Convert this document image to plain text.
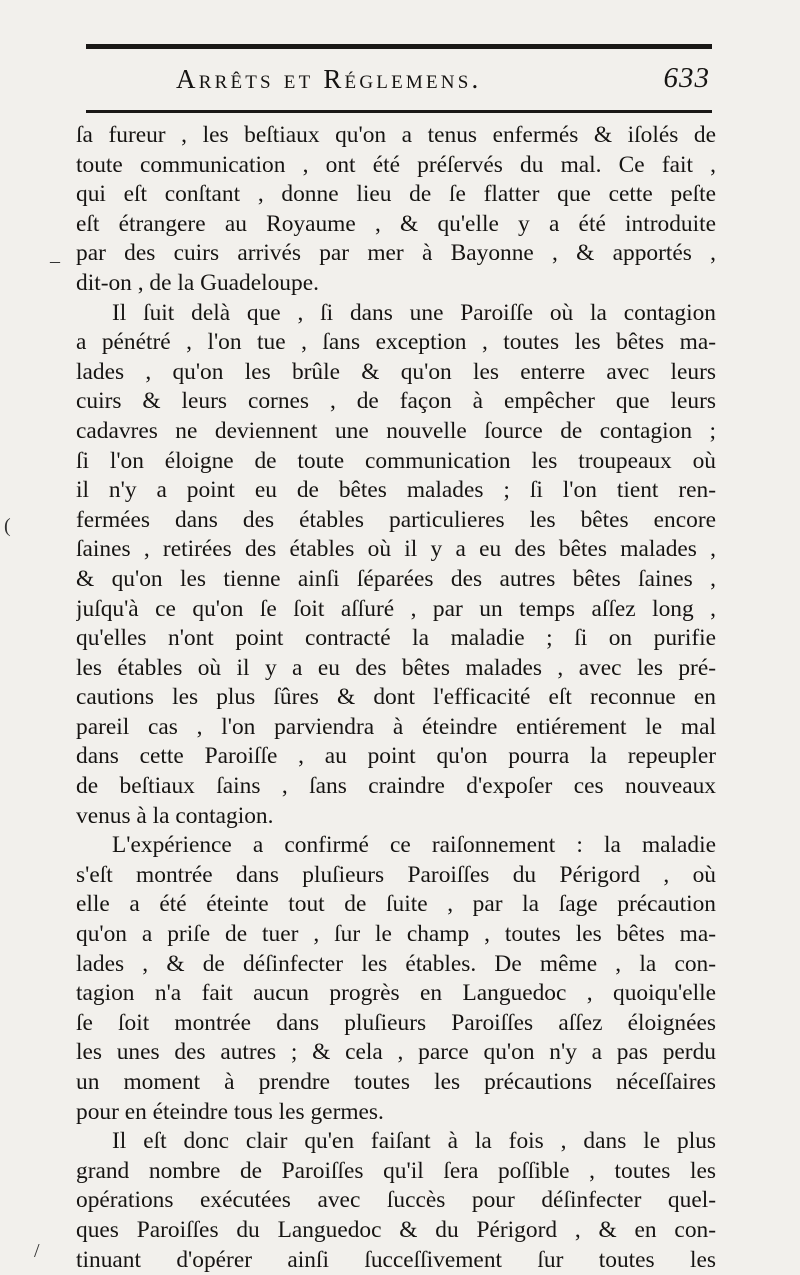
Arrêts et Réglemens.	633
–
(
/
ſa fureur , les beſtiaux qu'on a tenus enfermés & iſolés de
toute communication , ont été préſervés du mal. Ce fait ,
qui eſt conſtant , donne lieu de ſe flatter que cette peſte
eſt étrangere au Royaume , & qu'elle y a été introduite
par des cuirs arrivés par mer à Bayonne , & apportés ,
dit-on , de la Guadeloupe.
Il ſuit delà que , ſi dans une Paroiſſe où la contagion
a pénétré , l'on tue , ſans exception , toutes les bêtes ma-
lades , qu'on les brûle & qu'on les enterre avec leurs
cuirs & leurs cornes , de façon à empêcher que leurs
cadavres ne deviennent une nouvelle ſource de contagion ;
ſi l'on éloigne de toute communication les troupeaux où
il n'y a point eu de bêtes malades ; ſi l'on tient ren-
fermées dans des étables particulieres les bêtes encore
ſaines , retirées des étables où il y a eu des bêtes malades ,
& qu'on les tienne ainſi ſéparées des autres bêtes ſaines ,
juſqu'à ce qu'on ſe ſoit aſſuré , par un temps aſſez long ,
qu'elles n'ont point contracté la maladie ; ſi on purifie
les étables où il y a eu des bêtes malades , avec les pré-
cautions les plus ſûres & dont l'efficacité eſt reconnue en
pareil cas , l'on parviendra à éteindre entiérement le mal
dans cette Paroiſſe , au point qu'on pourra la repeupler
de beſtiaux ſains , ſans craindre d'expoſer ces nouveaux
venus à la contagion.
L'expérience a confirmé ce raiſonnement : la maladie
s'eſt montrée dans pluſieurs Paroiſſes du Périgord , où
elle a été éteinte tout de ſuite , par la ſage précaution
qu'on a priſe de tuer , ſur le champ , toutes les bêtes ma-
lades , & de déſinfecter les étables. De même , la con-
tagion n'a fait aucun progrès en Languedoc , quoiqu'elle
ſe ſoit montrée dans pluſieurs Paroiſſes aſſez éloignées
les unes des autres ; & cela , parce qu'on n'y a pas perdu
un moment à prendre toutes les précautions néceſſaires
pour en éteindre tous les germes.
Il eſt donc clair qu'en faiſant à la fois , dans le plus
grand nombre de Paroiſſes qu'il ſera poſſible , toutes les
opérations exécutées avec ſuccès pour déſinfecter quel-
ques Paroiſſes du Languedoc & du Périgord , & en con-
tinuant d'opérer ainſi ſucceſſivement ſur toutes les
